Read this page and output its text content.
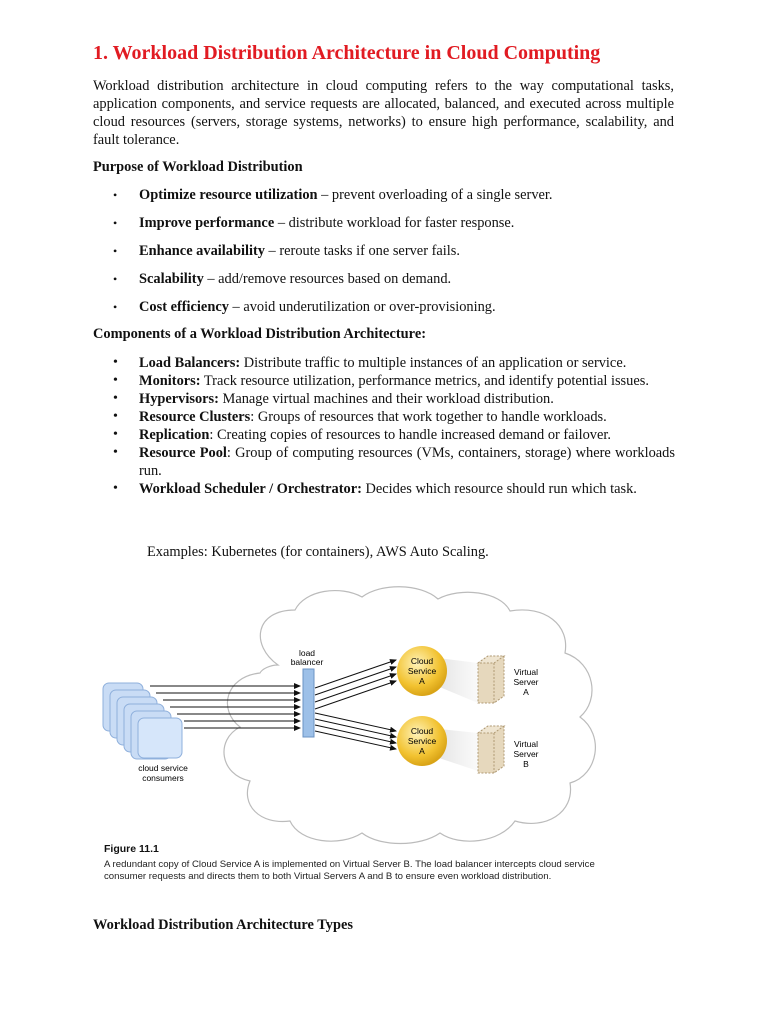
1. Workload Distribution Architecture in Cloud Computing

Workload distribution architecture in cloud computing refers to the way computational tasks, application components, and service requests are allocated, balanced, and executed across multiple cloud resources (servers, storage systems, networks) to ensure high performance, scalability, and fault tolerance.

Purpose of Workload Distribution
• Optimize resource utilization – prevent overloading of a single server.
• Improve performance – distribute workload for faster response.
• Enhance availability – reroute tasks if one server fails.
• Scalability – add/remove resources based on demand.
• Cost efficiency – avoid underutilization or over-provisioning.
Components of a Workload Distribution Architecture:
• Load Balancers: Distribute traffic to multiple instances of an application or service.
• Monitors: Track resource utilization, performance metrics, and identify potential issues.
• Hypervisors: Manage virtual machines and their workload distribution.
• Resource Clusters: Groups of resources that work together to handle workloads.
• Replication: Creating copies of resources to handle increased demand or failover.
• Resource Pool: Group of computing resources (VMs, containers, storage) where workloads run.
• Workload Scheduler / Orchestrator: Decides which resource should run which task.

Examples: Kubernetes (for containers), AWS Auto Scaling.

Workload Distribution Architecture Types
cloud service
consumers
load
balancer	Cloud
Service
A
Cloud
Service
A
Virtual
Server
A
Virtual
Server
B
Figure 11.1

A redundant copy of Cloud Service A is implemented on Virtual Server B. The load balancer intercepts cloud service consumer requests and directs them to both Virtual Servers A and B to ensure even workload distribution.
